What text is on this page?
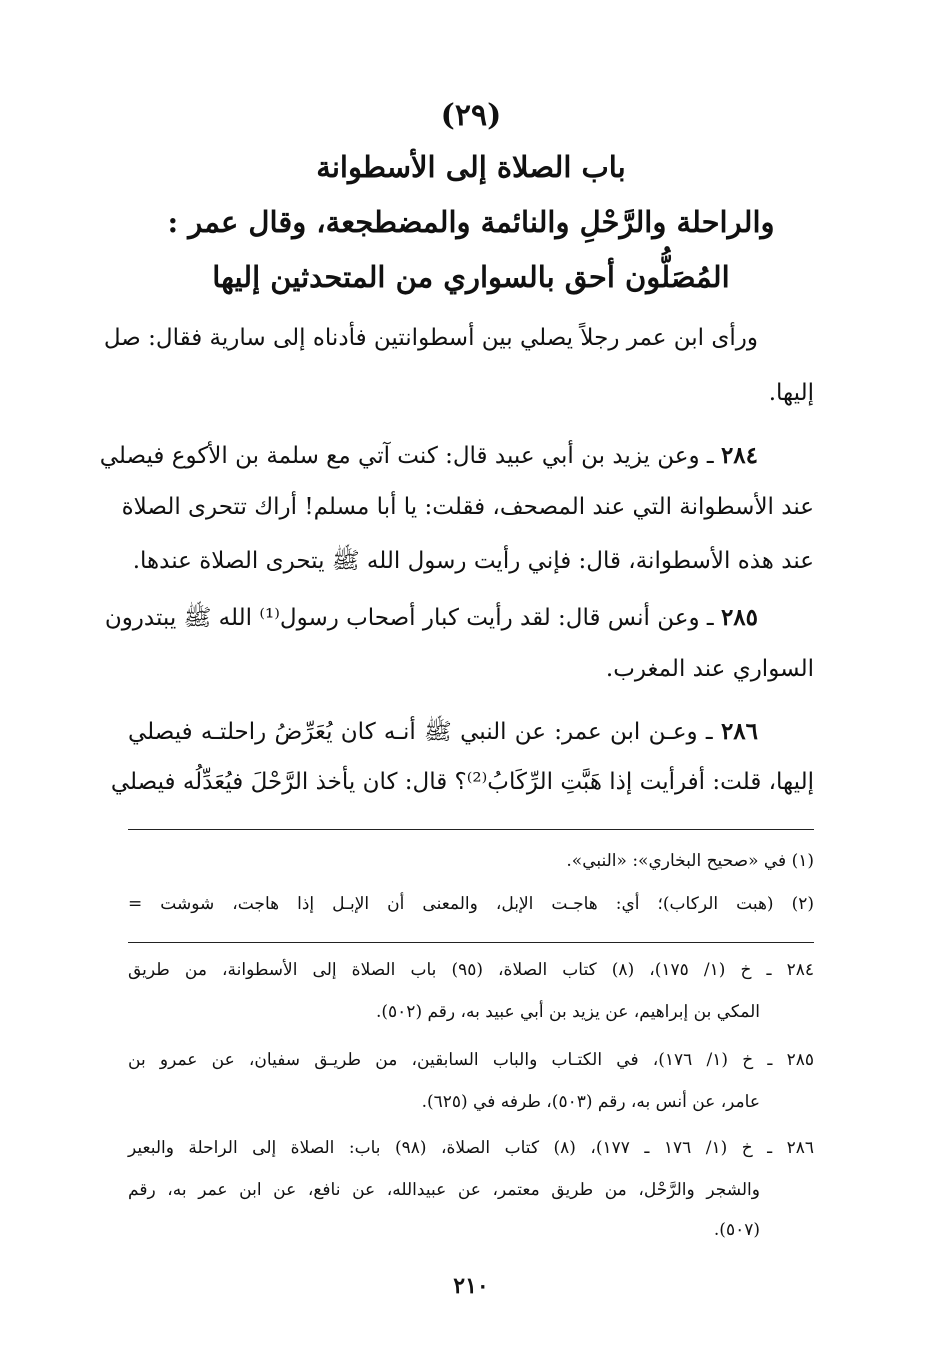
(٢٩)
باب الصلاة إلى الأسطوانة
والراحلة والرَّحْلِ والنائمة والمضطجعة، وقال عمر :
المُصَلُّون أحق بالسواري من المتحدثين إليها
ورأى ابن عمر رجلاً يصلي بين أسطوانتين فأدناه إلى سارية فقال: صل
إليها.
٢٨٤ ـ وعن يزيد بن أبي عبيد قال: كنت آتي مع سلمة بن الأكوع فيصلي
عند الأسطوانة التي عند المصحف، فقلت: يا أبا مسلم! أراك تتحرى الصلاة
عند هذه الأسطوانة، قال: فإني رأيت رسول الله ﷺ يتحرى الصلاة عندها.
٢٨٥ ـ وعن أنس قال: لقد رأيت كبار أصحاب رسول⁽¹⁾ الله ﷺ يبتدرون
السواري عند المغرب.
٢٨٦ ـ وعـن ابن عمر: عن النبي ﷺ أنـه كان يُعَرِّضُ راحلتـه فيصلي
إليها، قلت: أفرأيت إذا هَبَّتِ الرِّكَابُ⁽²⁾؟ قال: كان يأخذ الرَّحْلَ فيُعَدِّلُه فيصلي
(١) في «صحيح البخاري»: «النبي».
(٢) (هبت الركاب)؛ أي: هاجـت الإبل، والمعنى أن الإبـل إذا هاجت، شوشت =
٢٨٤ ـ خ (١/ ١٧٥)، (٨) كتاب الصلاة، (٩٥) باب الصلاة إلى الأسطوانة، من طريق
المكي بن إبراهيم، عن يزيد بن أبي عبيد به، رقم (٥٠٢).
٢٨٥ ـ خ (١/ ١٧٦)، في الكتـاب والباب السابقين، من طريـق سفيان، عن عمرو بن
عامر، عن أنس به، رقم (٥٠٣)، طرفه في (٦٢٥).
٢٨٦ ـ خ (١/ ١٧٦ ـ ١٧٧)، (٨) كتاب الصلاة، (٩٨) باب: الصلاة إلى الراحلة والبعير
والشجر والرَّحْل، من طريق معتمر، عن عبيدالله، عن نافع، عن ابن عمر به، رقم
(٥٠٧).
٢١٠
